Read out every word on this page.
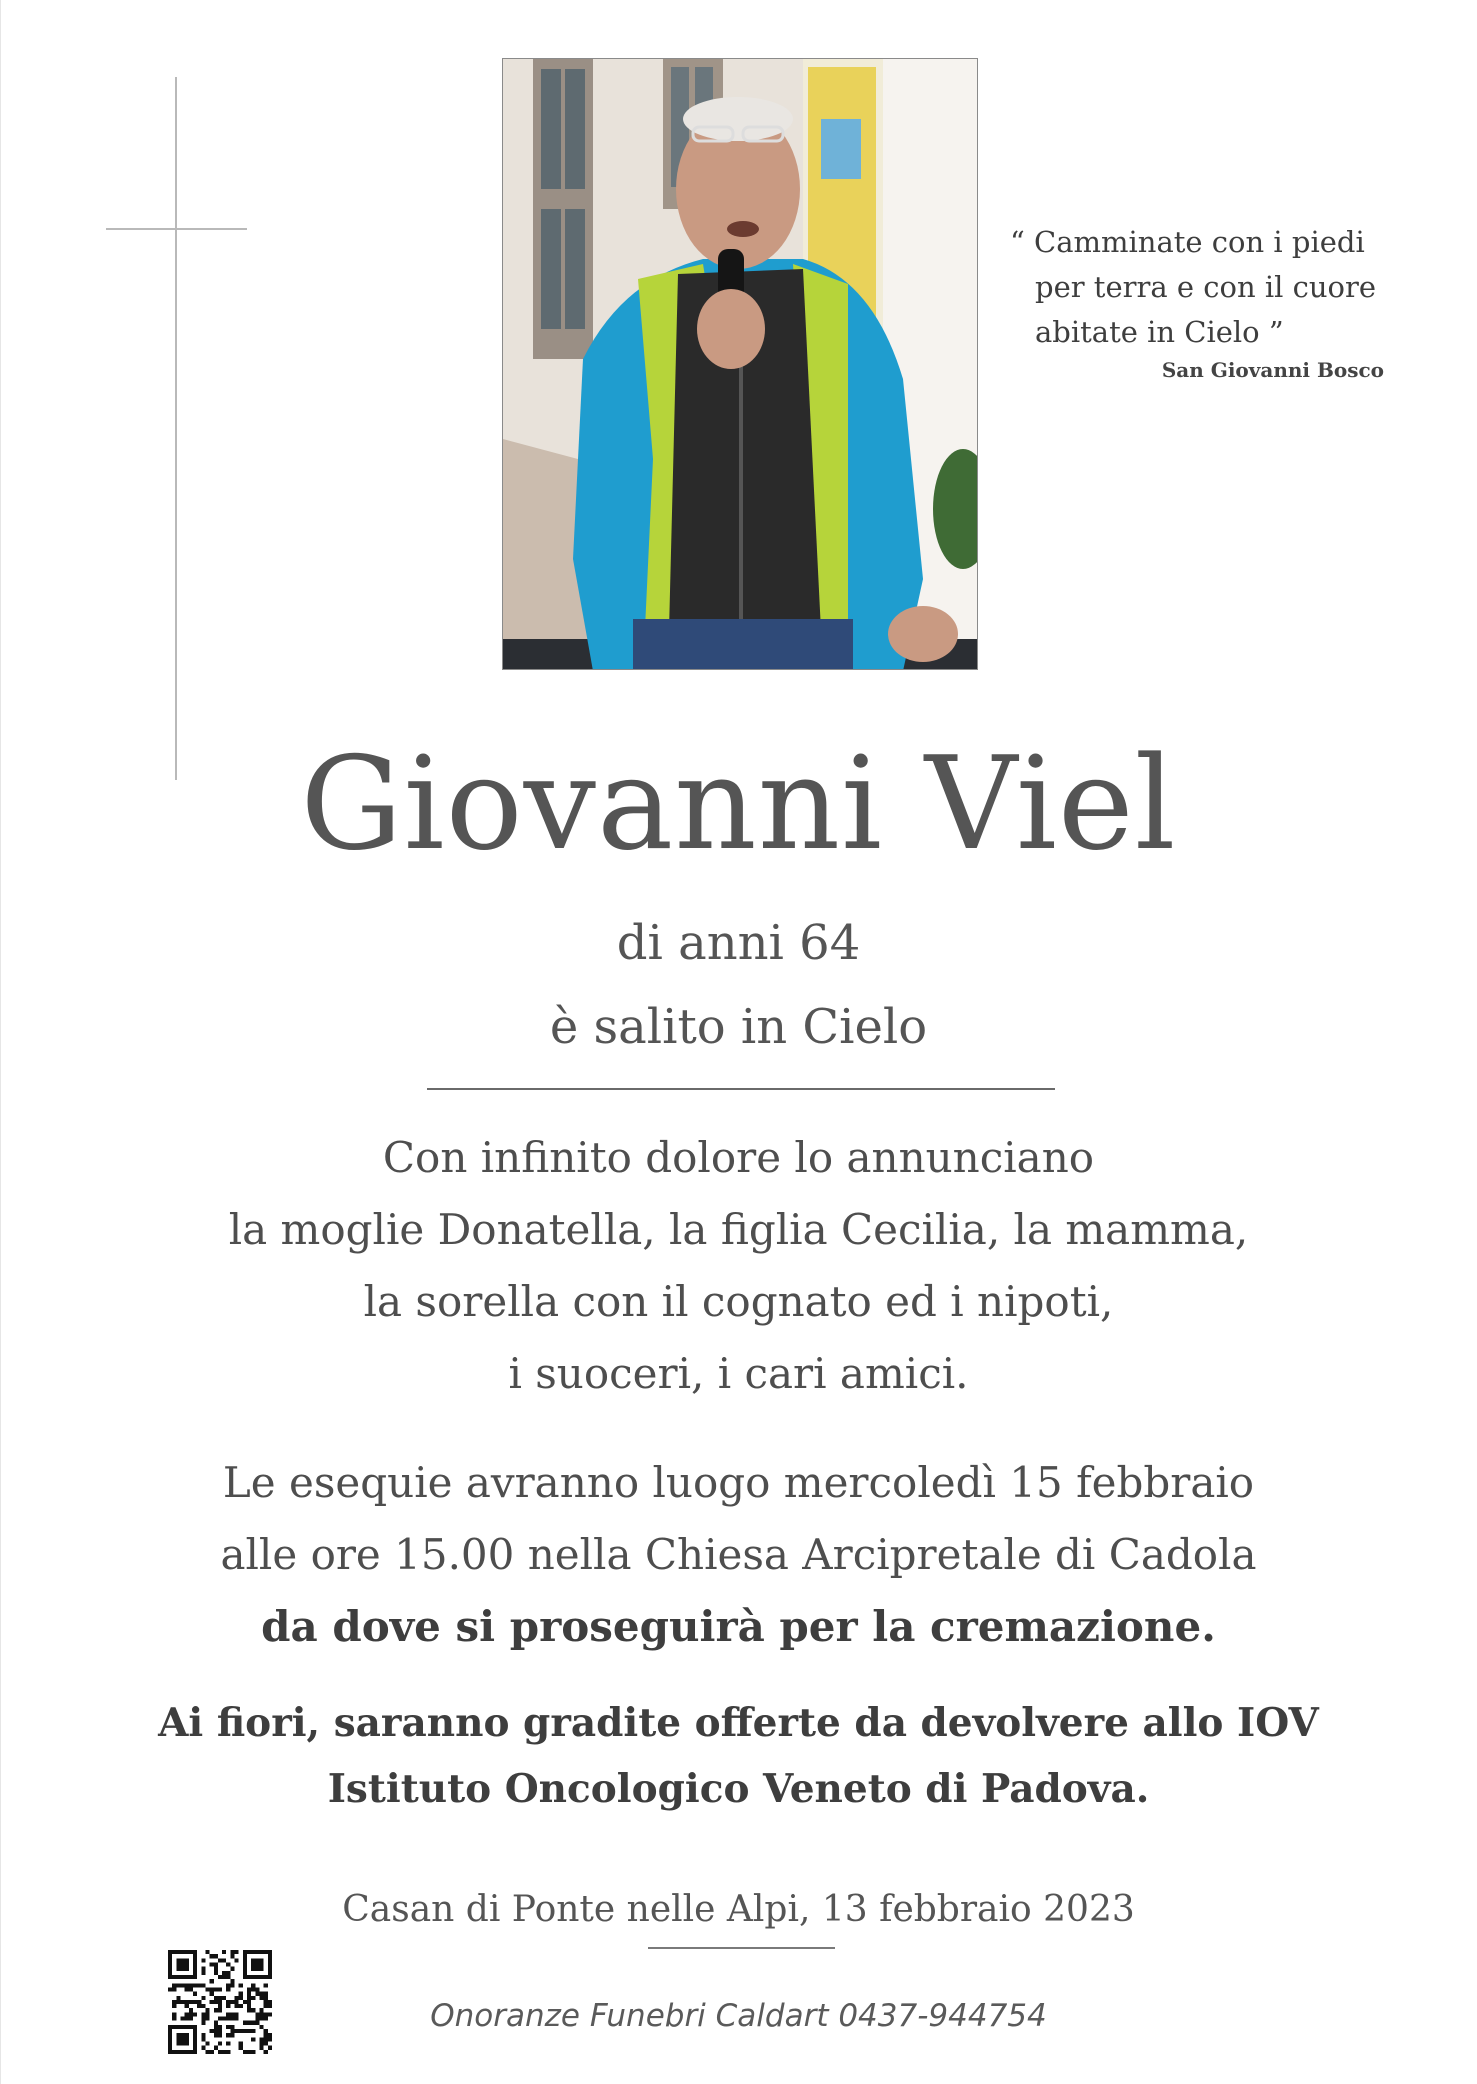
“ Camminate con i piedi
per terra e con il cuore
abitate in Cielo ”
San Giovanni Bosco
Giovanni Viel
di anni 64
è salito in Cielo
Con infinito dolore lo annunciano
la moglie Donatella, la figlia Cecilia, la mamma,
la sorella con il cognato ed i nipoti,
i suoceri, i cari amici.
Le esequie avranno luogo mercoledì 15 febbraio
alle ore 15.00 nella Chiesa Arcipretale di Cadola
da dove si proseguirà per la cremazione.
Ai fiori, saranno gradite offerte da devolvere allo IOV
Istituto Oncologico Veneto di Padova.
Casan di Ponte nelle Alpi, 13 febbraio 2023
Onoranze Funebri Caldart 0437-944754
